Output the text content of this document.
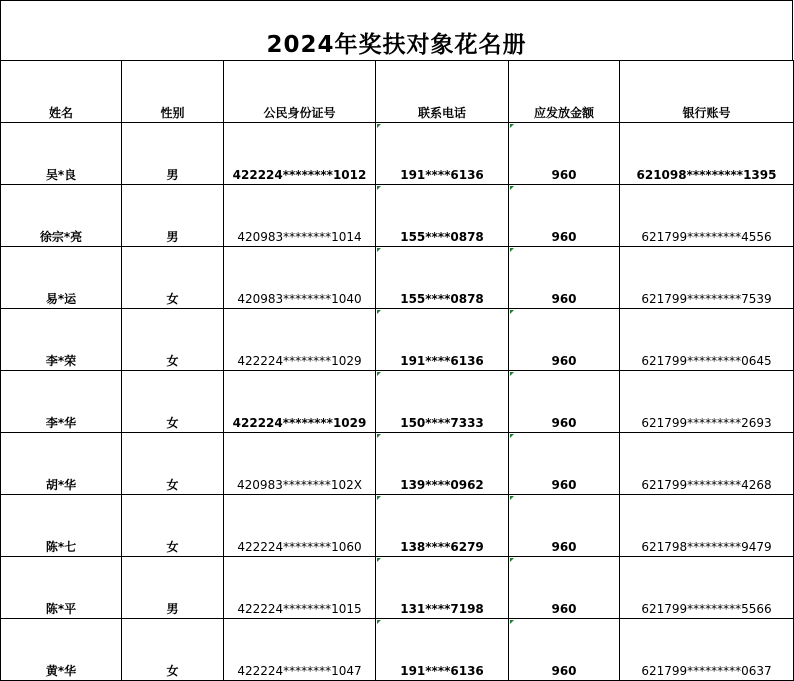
2024年奖扶对象花名册
姓名	性别	公民身份证号	联系电话	应发放金额	银行账号
吴*良	男	422224********1012	191****6136	960	621098*********1395
徐宗*亮	男	420983********1014	155****0878	960	621799*********4556
易*运	女	420983********1040	155****0878	960	621799*********7539
李*荣	女	422224********1029	191****6136	960	621799*********0645
李*华	女	422224********1029	150****7333	960	621799*********2693
胡*华	女	420983********102X	139****0962	960	621799*********4268
陈*七	女	422224********1060	138****6279	960	621798*********9479
陈*平	男	422224********1015	131****7198	960	621799*********5566
黄*华	女	422224********1047	191****6136	960	621799*********0637
